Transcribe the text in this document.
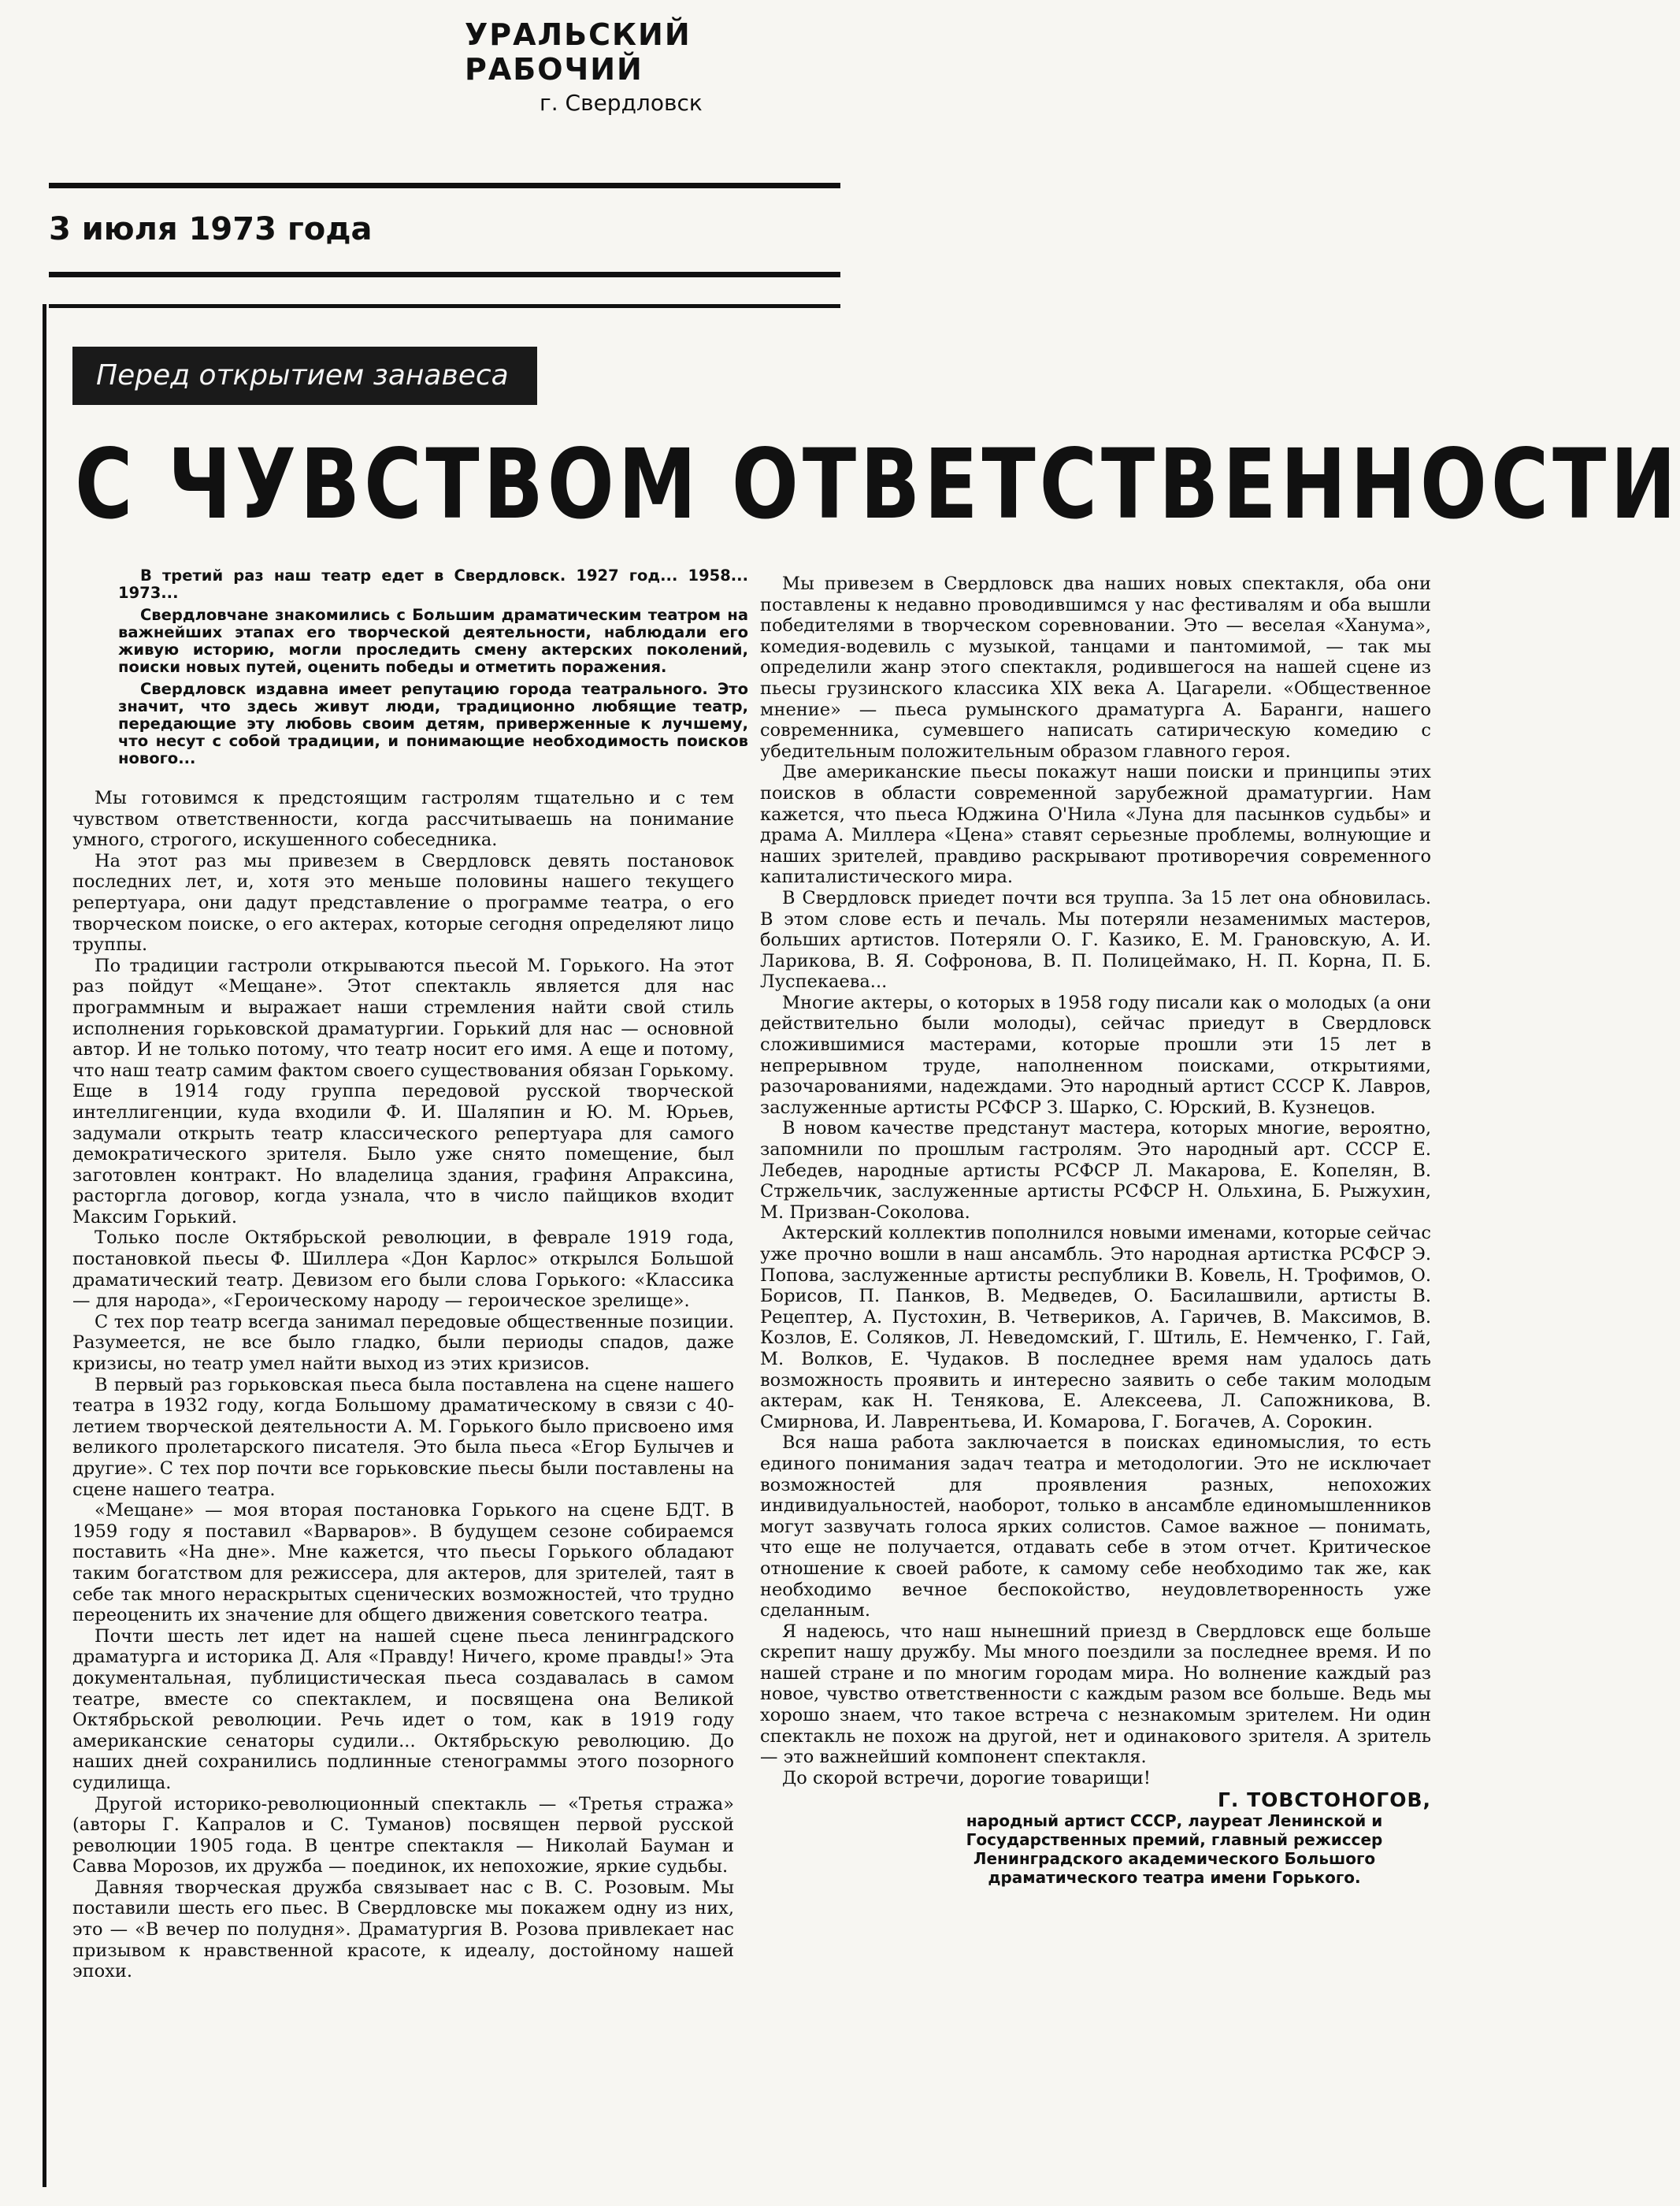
УРАЛЬСКИЙ РАБОЧИЙ
г. Свердловск
3 июля 1973 года
Перед открытием занавеса
С ЧУВСТВОМ ОТВЕТСТВЕННОСТИ

В третий раз наш театр едет в Свердловск. 1927 год... 1958... 1973...

Свердловчане знакомились с Большим драматическим театром на важнейших этапах его творческой деятельности, наблюдали его живую историю, могли проследить смену актерских поколений, поиски новых путей, оценить победы и отметить поражения.

Свердловск издавна имеет репутацию города театрального. Это значит, что здесь живут люди, традиционно любящие театр, передающие эту любовь своим детям, приверженные к лучшему, что несут с собой традиции, и понимающие необходимость поисков нового...

Мы готовимся к предстоящим гастролям тщательно и с тем чувством ответственности, когда рассчитываешь на понимание умного, строгого, искушенного собеседника.

На этот раз мы привезем в Свердловск девять постановок последних лет, и, хотя это меньше половины нашего текущего репертуара, они дадут представление о программе театра, о его творческом поиске, о его актерах, которые сегодня определяют лицо труппы.

По традиции гастроли открываются пьесой М. Горького. На этот раз пойдут «Мещане». Этот спектакль является для нас программным и выражает наши стремления найти свой стиль исполнения горьковской драматургии. Горький для нас — основной автор. И не только потому, что театр носит его имя. А еще и потому, что наш театр самим фактом своего существования обязан Горькому. Еще в 1914 году группа передовой русской творческой интеллигенции, куда входили Ф. И. Шаляпин и Ю. М. Юрьев, задумали открыть театр классического репертуара для самого демократического зрителя. Было уже снято помещение, был заготовлен контракт. Но владелица здания, графиня Апраксина, расторгла договор, когда узнала, что в число пайщиков входит Максим Горький.

Только после Октябрьской революции, в феврале 1919 года, постановкой пьесы Ф. Шиллера «Дон Карлос» открылся Большой драматический театр. Девизом его были слова Горького: «Классика — для народа», «Героическому народу — героическое зрелище».

С тех пор театр всегда занимал передовые общественные позиции. Разумеется, не все было гладко, были периоды спадов, даже кризисы, но театр умел найти выход из этих кризисов.

В первый раз горьковская пьеса была поставлена на сцене нашего театра в 1932 году, когда Большому драматическому в связи с 40-летием творческой деятельности А. М. Горького было присвоено имя великого пролетарского писателя. Это была пьеса «Егор Булычев и другие». С тех пор почти все горьковские пьесы были поставлены на сцене нашего театра.

«Мещане» — моя вторая постановка Горького на сцене БДТ. В 1959 году я поставил «Варваров». В будущем сезоне собираемся поставить «На дне». Мне кажется, что пьесы Горького обладают таким богатством для режиссера, для актеров, для зрителей, таят в себе так много нераскрытых сценических возможностей, что трудно переоценить их значение для общего движения советского театра.

Почти шесть лет идет на нашей сцене пьеса ленинградского драматурга и историка Д. Аля «Правду! Ничего, кроме правды!» Эта документальная, публицистическая пьеса создавалась в самом театре, вместе со спектаклем, и посвящена она Великой Октябрьской революции. Речь идет о том, как в 1919 году американские сенаторы судили... Октябрьскую революцию. До наших дней сохранились подлинные стенограммы этого позорного судилища.

Другой историко-революционный спектакль — «Третья стража» (авторы Г. Капралов и С. Туманов) посвящен первой русской революции 1905 года. В центре спектакля — Николай Бауман и Савва Морозов, их дружба — поединок, их непохожие, яркие судьбы.

Давняя творческая дружба связывает нас с В. С. Розовым. Мы поставили шесть его пьес. В Свердловске мы покажем одну из них, это — «В вечер по полудня». Драматургия В. Розова привлекает нас призывом к нравственной красоте, к идеалу, достойному нашей эпохи.

Мы привезем в Свердловск два наших новых спектакля, оба они поставлены к недавно проводившимся у нас фестивалям и оба вышли победителями в творческом соревновании. Это — веселая «Ханума», комедия-водевиль с музыкой, танцами и пантомимой, — так мы определили жанр этого спектакля, родившегося на нашей сцене из пьесы грузинского классика XIX века А. Цагарели. «Общественное мнение» — пьеса румынского драматурга А. Баранги, нашего современника, сумевшего написать сатирическую комедию с убедительным положительным образом главного героя.

Две американские пьесы покажут наши поиски и принципы этих поисков в области современной зарубежной драматургии. Нам кажется, что пьеса Юджина О'Нила «Луна для пасынков судьбы» и драма А. Миллера «Цена» ставят серьезные проблемы, волнующие и наших зрителей, правдиво раскрывают противоречия современного капиталистического мира.

В Свердловск приедет почти вся труппа. За 15 лет она обновилась. В этом слове есть и печаль. Мы потеряли незаменимых мастеров, больших артистов. Потеряли О. Г. Казико, Е. М. Грановскую, А. И. Ларикова, В. Я. Софронова, В. П. Полицеймако, Н. П. Корна, П. Б. Луспекаева...

Многие актеры, о которых в 1958 году писали как о молодых (а они действительно были молоды), сейчас приедут в Свердловск сложившимися мастерами, которые прошли эти 15 лет в непрерывном труде, наполненном поисками, открытиями, разочарованиями, надеждами. Это народный артист СССР К. Лавров, заслуженные артисты РСФСР З. Шарко, С. Юрский, В. Кузнецов.

В новом качестве предстанут мастера, которых многие, вероятно, запомнили по прошлым гастролям. Это народный арт. СССР Е. Лебедев, народные артисты РСФСР Л. Макарова, Е. Копелян, В. Стржельчик, заслуженные артисты РСФСР Н. Ольхина, Б. Рыжухин, М. Призван-Соколова.

Актерский коллектив пополнился новыми именами, которые сейчас уже прочно вошли в наш ансамбль. Это народная артистка РСФСР Э. Попова, заслуженные артисты республики В. Ковель, Н. Трофимов, О. Борисов, П. Панков, В. Медведев, О. Басилашвили, артисты В. Рецептер, А. Пустохин, В. Четвериков, А. Гаричев, В. Максимов, В. Козлов, Е. Соляков, Л. Неведомский, Г. Штиль, Е. Немченко, Г. Гай, М. Волков, Е. Чудаков. В последнее время нам удалось дать возможность проявить и интересно заявить о себе таким молодым актерам, как Н. Тенякова, Е. Алексеева, Л. Сапожникова, В. Смирнова, И. Лаврентьева, И. Комарова, Г. Богачев, А. Сорокин.

Вся наша работа заключается в поисках единомыслия, то есть единого понимания задач театра и методологии. Это не исключает возможностей для проявления разных, непохожих индивидуальностей, наоборот, только в ансамбле единомышленников могут зазвучать голоса ярких солистов. Самое важное — понимать, что еще не получается, отдавать себе в этом отчет. Критическое отношение к своей работе, к самому себе необходимо так же, как необходимо вечное беспокойство, неудовлетворенность уже сделанным.

Я надеюсь, что наш нынешний приезд в Свердловск еще больше скрепит нашу дружбу. Мы много поездили за последнее время. И по нашей стране и по многим городам мира. Но волнение каждый раз новое, чувство ответственности с каждым разом все больше. Ведь мы хорошо знаем, что такое встреча с незнакомым зрителем. Ни один спектакль не похож на другой, нет и одинакового зрителя. А зритель — это важнейший компонент спектакля.

До скорой встречи, дорогие товарищи!

Г. ТОВСТОНОГОВ,
народный артист СССР, лауреат Ленинской и Государственных премий, главный режиссер Ленинградского академического Большого драматического театра имени Горького.
